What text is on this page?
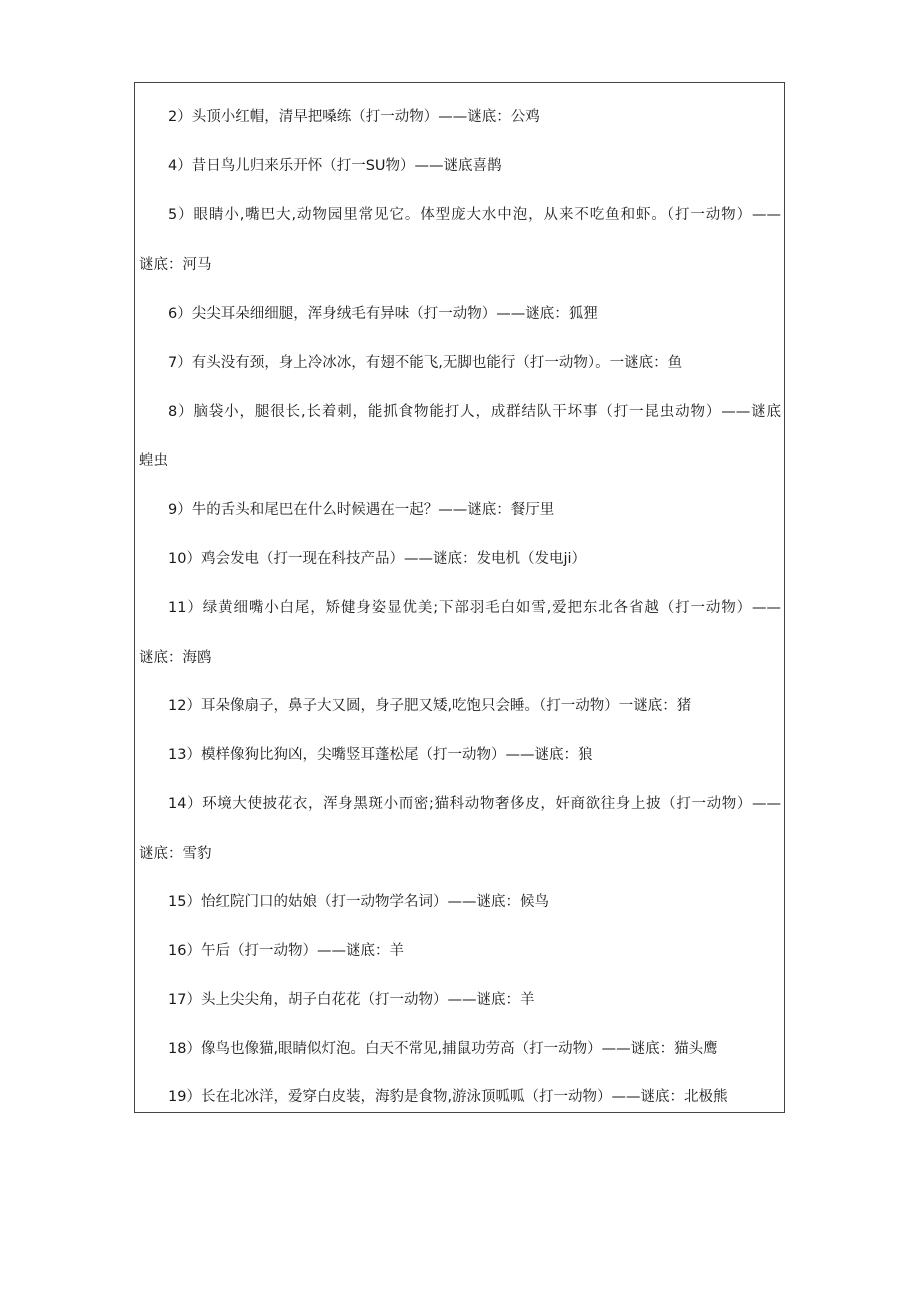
2）头顶小红帽，清早把嗓练（打一动物）——谜底：公鸡
4）昔日鸟儿归来乐开怀（打一SU物）——谜底喜鹊
5）眼睛小,嘴巴大,动物园里常见它。体型庞大水中泡，从来不吃鱼和虾。（打一动物）——
谜底：河马
6）尖尖耳朵细细腿，浑身绒毛有异味（打一动物）——谜底：狐狸
7）有头没有颈，身上冷冰冰，有翅不能飞,无脚也能行（打一动物）。一谜底：鱼
8）脑袋小，腿很长,长着刺，能抓食物能打人，成群结队干坏事（打一昆虫动物）——谜底
蝗虫
9）牛的舌头和尾巴在什么时候遇在一起？——谜底：餐厅里
10）鸡会发电（打一现在科技产品）——谜底：发电机（发电ji）
11）绿黄细嘴小白尾，矫健身姿显优美;下部羽毛白如雪,爱把东北各省越（打一动物）——
谜底：海鸥
12）耳朵像扇子，鼻子大又圆，身子肥又矮,吃饱只会睡。（打一动物）一谜底：猪
13）模样像狗比狗凶，尖嘴竖耳蓬松尾（打一动物）——谜底：狼
14）环境大使披花衣，浑身黑斑小而密;猫科动物奢侈皮，奸商欲往身上披（打一动物）——
谜底：雪豹
15）怡红院门口的姑娘（打一动物学名词）——谜底：候鸟
16）午后（打一动物）——谜底：羊
17）头上尖尖角，胡子白花花（打一动物）——谜底：羊
18）像鸟也像猫,眼睛似灯泡。白天不常见,捕鼠功劳高（打一动物）——谜底：猫头鹰
19）长在北冰洋，爱穿白皮装，海豹是食物,游泳顶呱呱（打一动物）——谜底：北极熊
